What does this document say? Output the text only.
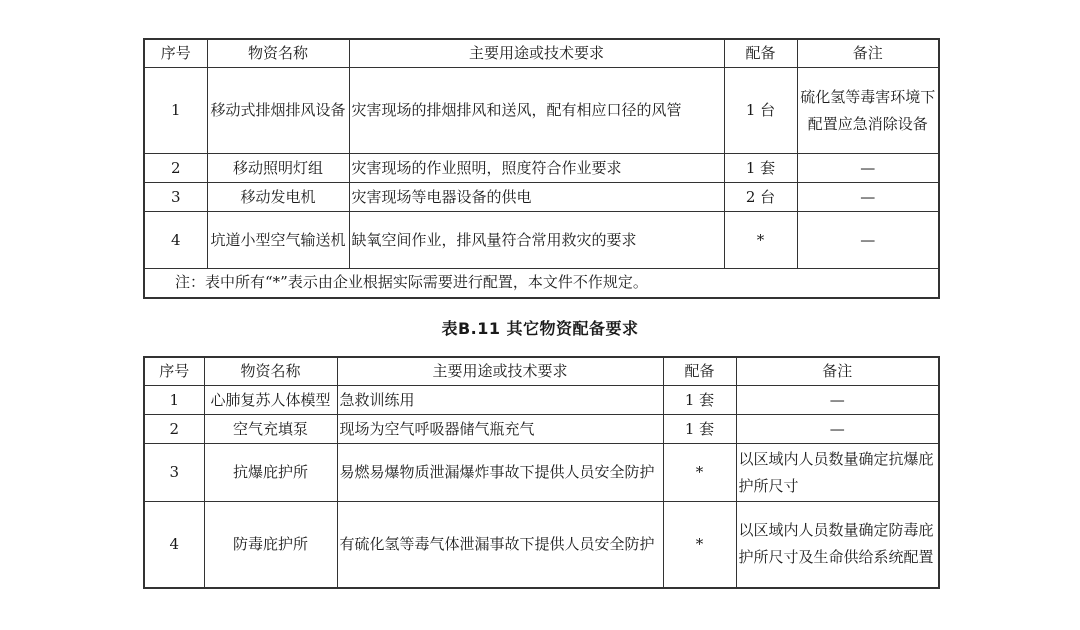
序号	物资名称	主要用途或技术要求	配备	备注
1	移动式排烟排风设备	灾害现场的排烟排风和送风，配有相应口径的风管	1 台	硫化氢等毒害环境下配置应急消除设备
2	移动照明灯组	灾害现场的作业照明，照度符合作业要求	1 套	—
3	移动发电机	灾害现场等电器设备的供电	2 台	—
4	坑道小型空气输送机	缺氧空间作业，排风量符合常用救灾的要求	*	—
注：表中所有“*”表示由企业根据实际需要进行配置，本文件不作规定。				
表B.11 其它物资配备要求
序号	物资名称	主要用途或技术要求	配备	备注
1	心肺复苏人体模型	急救训练用	1 套	—
2	空气充填泵	现场为空气呼吸器储气瓶充气	1 套	—
3	抗爆庇护所	易燃易爆物质泄漏爆炸事故下提供人员安全防护	*	以区域内人员数量确定抗爆庇护所尺寸
4	防毒庇护所	有硫化氢等毒气体泄漏事故下提供人员安全防护	*	以区域内人员数量确定防毒庇护所尺寸及生命供给系统配置
